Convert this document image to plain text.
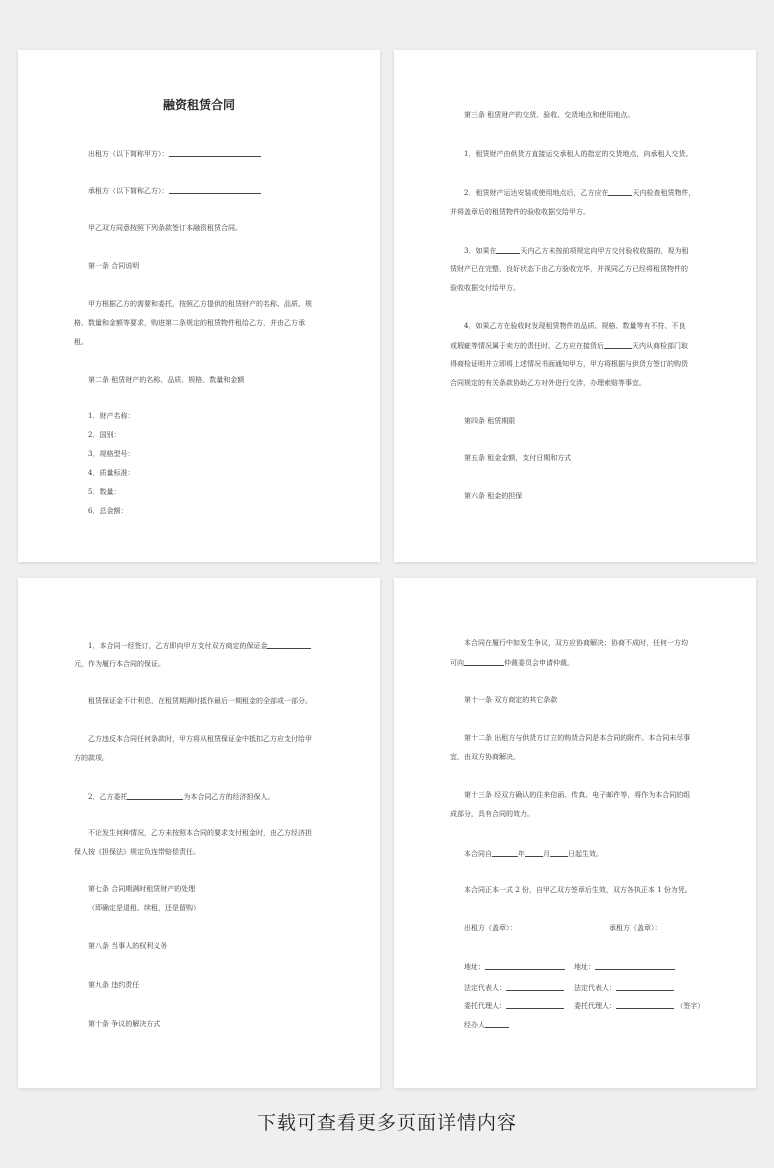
融资租赁合同
出租方（以下简称甲方）：
承租方（以下简称乙方）：
甲乙双方同意按照下列条款签订本融资租赁合同。
第一条 合同说明
甲方根据乙方的需要和委托，按照乙方提供的租赁财产的名称、品质、规
格、数量和金额等要求，购进第二条规定的租赁物件租给乙方，并由乙方承
租。
第二条 租赁财产的名称、品质、规格、数量和金额
1．财产名称：
2．国别：
3．规格型号：
4．质量标准：
5．数量：
6．总金额：
第三条 租赁财产的交货、验收、交货地点和使用地点。
1．租赁财产由供货方直接运交承租人的指定的交货地点，向承租人交货。
2．租赁财产运达安装或使用地点后，乙方应在	天内检查租赁物件，
并将盖章后的租赁物件的验收收据交给甲方。
3．如果在	天内乙方未按前项规定向甲方交付验收收据的，视为租
赁财产已在完整、良好状态下由乙方验收完毕，并视同乙方已经将租赁物件的
验收收据交付给甲方。
4．如果乙方在验收时发现租赁物件的品质、规格、数量等有不符、不良
或瑕疵等情况属于卖方的责任时，乙方应在接货后	天内从商检部门取
得商检证明并立即将上述情况书面通知甲方，甲方将根据与供货方签订的购货
合同规定的有关条款协助乙方对外进行交涉，办理索赔等事宜。
第四条 租赁期限
第五条 租金金额，支付日期和方式
第六条 租金的担保
1．本合同一经签订，乙方即向甲方支付双方商定的保证金
元，作为履行本合同的保证。
租赁保证金不计利息，在租赁期满时抵作最后一期租金的全部或一部分。
乙方违反本合同任何条款时，甲方将从租赁保证金中抵扣乙方应支付给甲
方的款项。
2．乙方委托	为本合同乙方的经济担保人。
不论发生何种情况，乙方未按照本合同的要求支付租金时，由乙方经济担
保人按《担保法》规定负连带赔偿责任。
第七条 合同期满时租赁财产的处理
（即确定是退租、续租，还是留购）
第八条 当事人的权利义务
第九条 违约责任
第十条 争议的解决方式
本合同在履行中如发生争议，双方应协商解决；协商不成时，任何一方均
可向	仲裁委员会申请仲裁。
第十一条 双方商定的其它条款
第十二条 出租方与供货方订立的购货合同是本合同的附件。本合同未尽事
宜，由双方协商解决。
第十三条 经双方确认的往来信函、传真、电子邮件等，将作为本合同的组
成部分，具有合同的效力。
本合同自	年	月	日起生效。
本合同正本一式 2 份，自甲乙双方签章后生效，双方各执正本 1 份为凭。
出租方（盖章）：	承租方（盖章）：
地址：	地址：
法定代表人：	法定代表人：
委托代理人：	委托代理人：	（签字）
经办人
下载可查看更多页面详情内容
